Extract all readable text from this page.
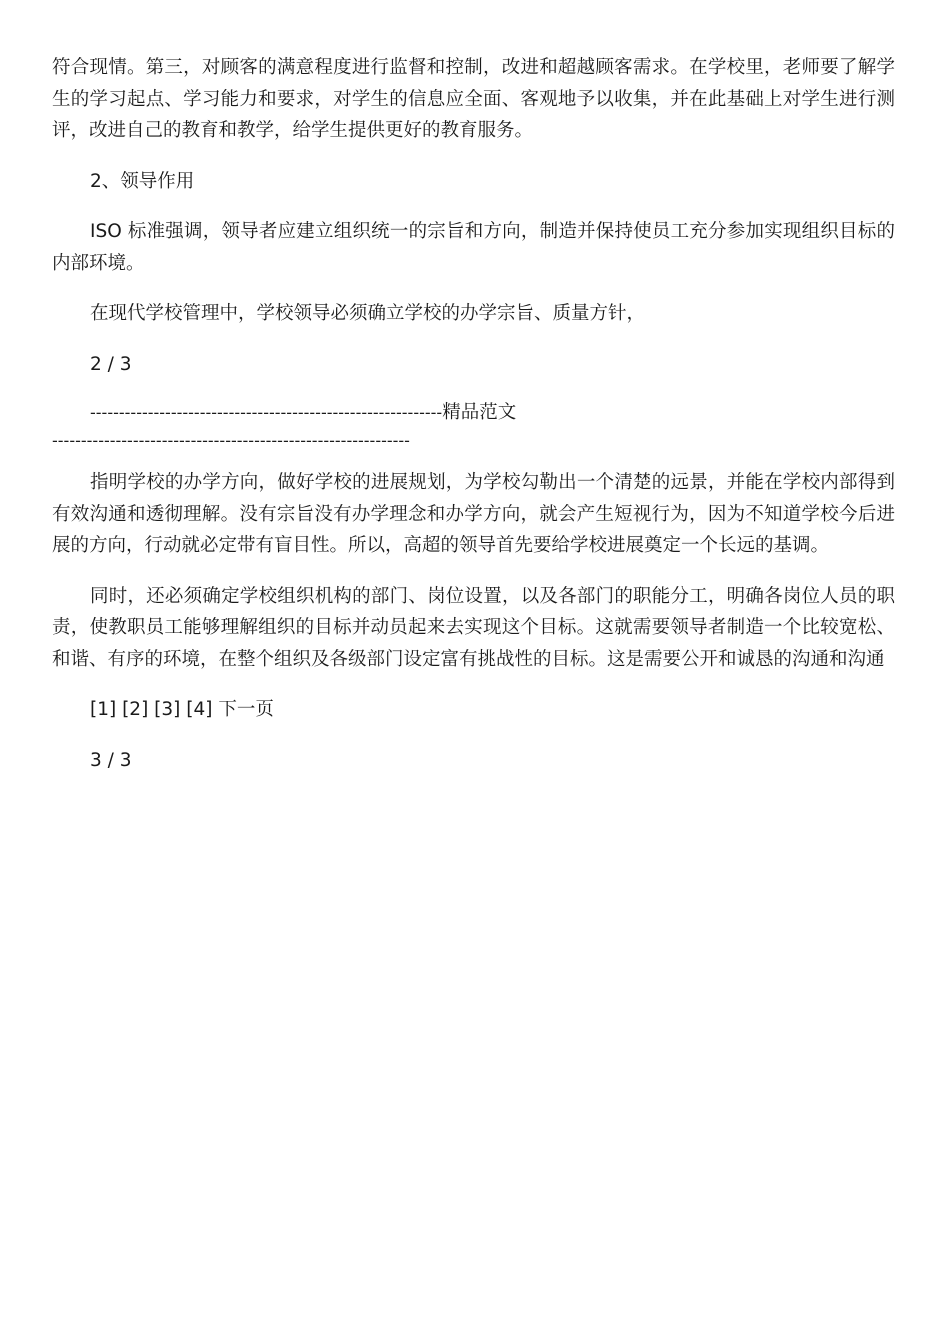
符合现情。第三，对顾客的满意程度进行监督和控制，改进和超越顾客需求。在学校里，老师要了解学生的学习起点、学习能力和要求，对学生的信息应全面、客观地予以收集，并在此基础上对学生进行测评，改进自己的教育和教学，给学生提供更好的教育服务。

2、领导作用

ISO 标准强调，领导者应建立组织统一的宗旨和方向，制造并保持使员工充分参加实现组织目标的内部环境。

在现代学校管理中，学校领导必须确立学校的办学宗旨、质量方针，

2 / 3

-------------------------------------------------------------精品范文
--------------------------------------------------------------

指明学校的办学方向，做好学校的进展规划，为学校勾勒出一个清楚的远景，并能在学校内部得到有效沟通和透彻理解。没有宗旨没有办学理念和办学方向，就会产生短视行为，因为不知道学校今后进展的方向，行动就必定带有盲目性。所以，高超的领导首先要给学校进展奠定一个长远的基调。

同时，还必须确定学校组织机构的部门、岗位设置，以及各部门的职能分工，明确各岗位人员的职责，使教职员工能够理解组织的目标并动员起来去实现这个目标。这就需要领导者制造一个比较宽松、和谐、有序的环境，在整个组织及各级部门设定富有挑战性的目标。这是需要公开和诚恳的沟通和沟通

[1] [2] [3] [4] 下一页

3 / 3
